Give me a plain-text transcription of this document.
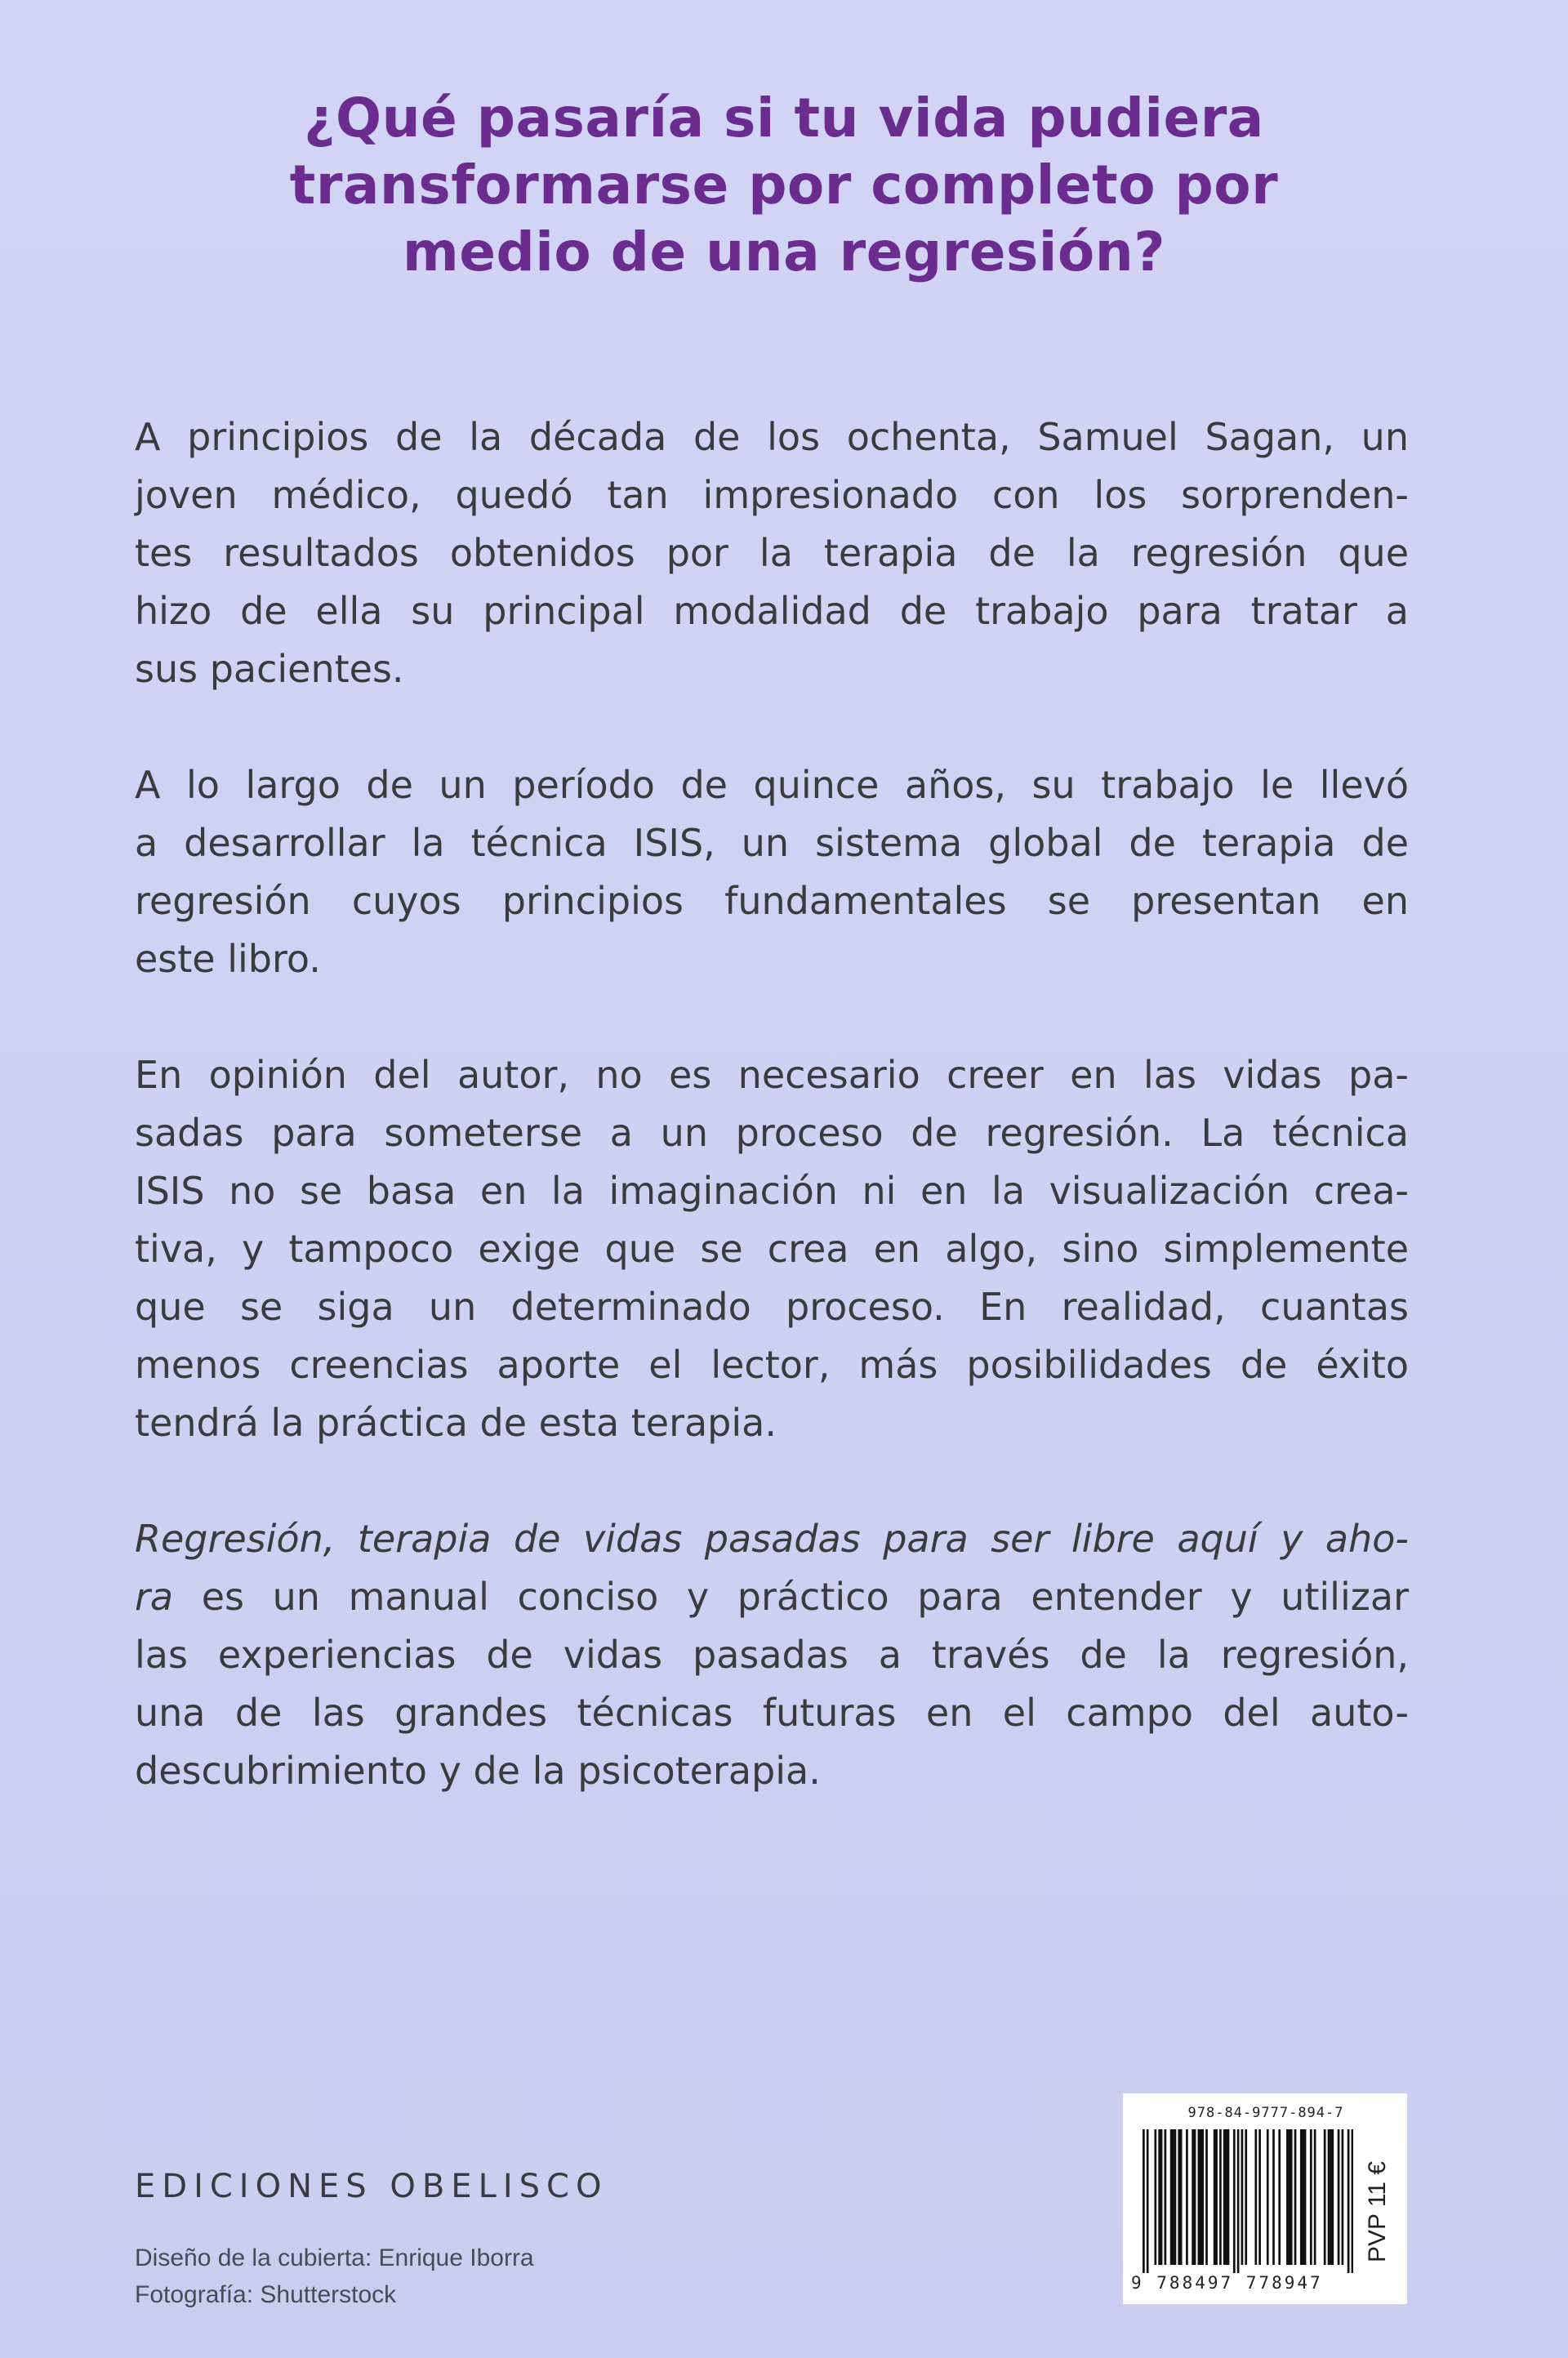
¿Qué pasaría si tu vida pudiera
transformarse por completo por
medio de una regresión?

A principios de la década de los ochenta, Samuel Sagan, un
joven médico, quedó tan impresionado con los sorprenden-
tes resultados obtenidos por la terapia de la regresión que
hizo de ella su principal modalidad de trabajo para tratar a
sus pacientes.

A lo largo de un período de quince años, su trabajo le llevó
a desarrollar la técnica ISIS, un sistema global de terapia de
regresión cuyos principios fundamentales se presentan en
este libro.

En opinión del autor, no es necesario creer en las vidas pa-
sadas para someterse a un proceso de regresión. La técnica
ISIS no se basa en la imaginación ni en la visualización crea-
tiva, y tampoco exige que se crea en algo, sino simplemente
que se siga un determinado proceso. En realidad, cuantas
menos creencias aporte el lector, más posibilidades de éxito
tendrá la práctica de esta terapia.

Regresión, terapia de vidas pasadas para ser libre aquí y aho-
ra es un manual conciso y práctico para entender y utilizar
las experiencias de vidas pasadas a través de la regresión,
una de las grandes técnicas futuras en el campo del auto-
descubrimiento y de la psicoterapia.

EDICIONES OBELISCO
Diseño de la cubierta: Enrique Iborra
Fotografía: Shutterstock
978-84-9777-894-7
9 788497 778947
PVP 11 €
